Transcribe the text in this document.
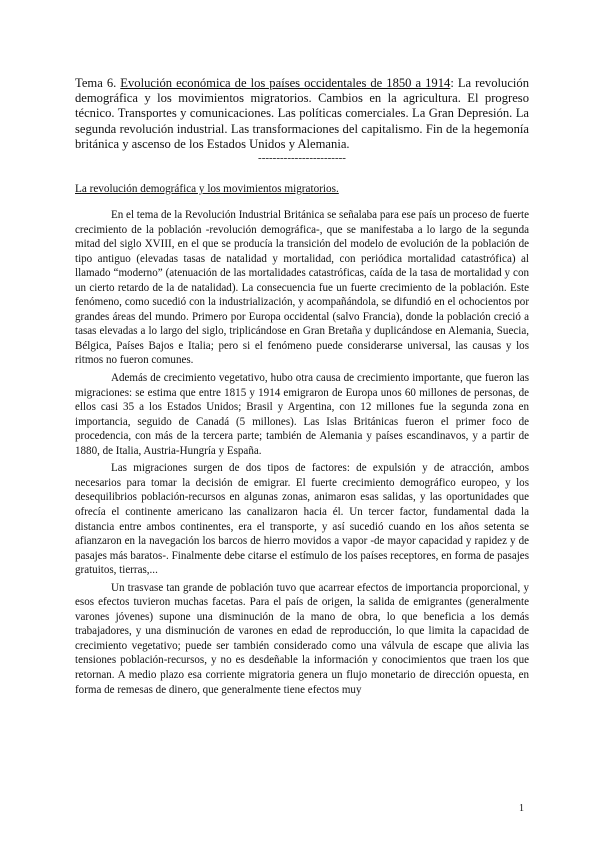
Tema 6. Evolución económica de los países occidentales de 1850 a 1914: La revolución demográfica y los movimientos migratorios. Cambios en la agricultura. El progreso técnico. Transportes y comunicaciones. Las políticas comerciales. La Gran Depresión. La segunda revolución industrial. Las transformaciones del capitalismo. Fin de la hegemonía británica y ascenso de los Estados Unidos y Alemania.

------------------------

La revolución demográfica y los movimientos migratorios.

En el tema de la Revolución Industrial Británica se señalaba para ese país un proceso de fuerte crecimiento de la población -revolución demográfica-, que se manifestaba a lo largo de la segunda mitad del siglo XVIII, en el que se producía la transición del modelo de evolución de la población de tipo antiguo (elevadas tasas de natalidad y mortalidad, con periódica mortalidad catastrófica) al llamado “moderno” (atenuación de las mortalidades catastróficas, caída de la tasa de mortalidad y con un cierto retardo de la de natalidad). La consecuencia fue un fuerte crecimiento de la población. Este fenómeno, como sucedió con la industrialización, y acompañándola, se difundió en el ochocientos por grandes áreas del mundo. Primero por Europa occidental (salvo Francia), donde la población creció a tasas elevadas a lo largo del siglo, triplicándose en Gran Bretaña y duplicándose en Alemania, Suecia, Bélgica, Países Bajos e Italia; pero si el fenómeno puede considerarse universal, las causas y los ritmos no fueron comunes.

Además de crecimiento vegetativo, hubo otra causa de crecimiento importante, que fueron las migraciones: se estima que entre 1815 y 1914 emigraron de Europa unos 60 millones de personas, de ellos casi 35 a los Estados Unidos; Brasil y Argentina, con 12 millones fue la segunda zona en importancia, seguido de Canadá (5 millones). Las Islas Británicas fueron el primer foco de procedencia, con más de la tercera parte; también de Alemania y países escandinavos, y a partir de 1880, de Italia, Austria-Hungría y España.

Las migraciones surgen de dos tipos de factores: de expulsión y de atracción, ambos necesarios para tomar la decisión de emigrar. El fuerte crecimiento demográfico europeo, y los desequilibrios población-recursos en algunas zonas, animaron esas salidas, y las oportunidades que ofrecía el continente americano las canalizaron hacia él. Un tercer factor, fundamental dada la distancia entre ambos continentes, era el transporte, y así sucedió cuando en los años setenta se afianzaron en la navegación los barcos de hierro movidos a vapor -de mayor capacidad y rapidez y de pasajes más baratos-. Finalmente debe citarse el estímulo de los países receptores, en forma de pasajes gratuitos, tierras,...

Un trasvase tan grande de población tuvo que acarrear efectos de importancia proporcional, y esos efectos tuvieron muchas facetas. Para el país de origen, la salida de emigrantes (generalmente varones jóvenes) supone una disminución de la mano de obra, lo que beneficia a los demás trabajadores, y una disminución de varones en edad de reproducción, lo que limita la capacidad de crecimiento vegetativo; puede ser también considerado como una válvula de escape que alivia las tensiones población-recursos, y no es desdeñable la información y conocimientos que traen los que retornan. A medio plazo esa corriente migratoria genera un flujo monetario de dirección opuesta, en forma de remesas de dinero, que generalmente tiene efectos muy

1
